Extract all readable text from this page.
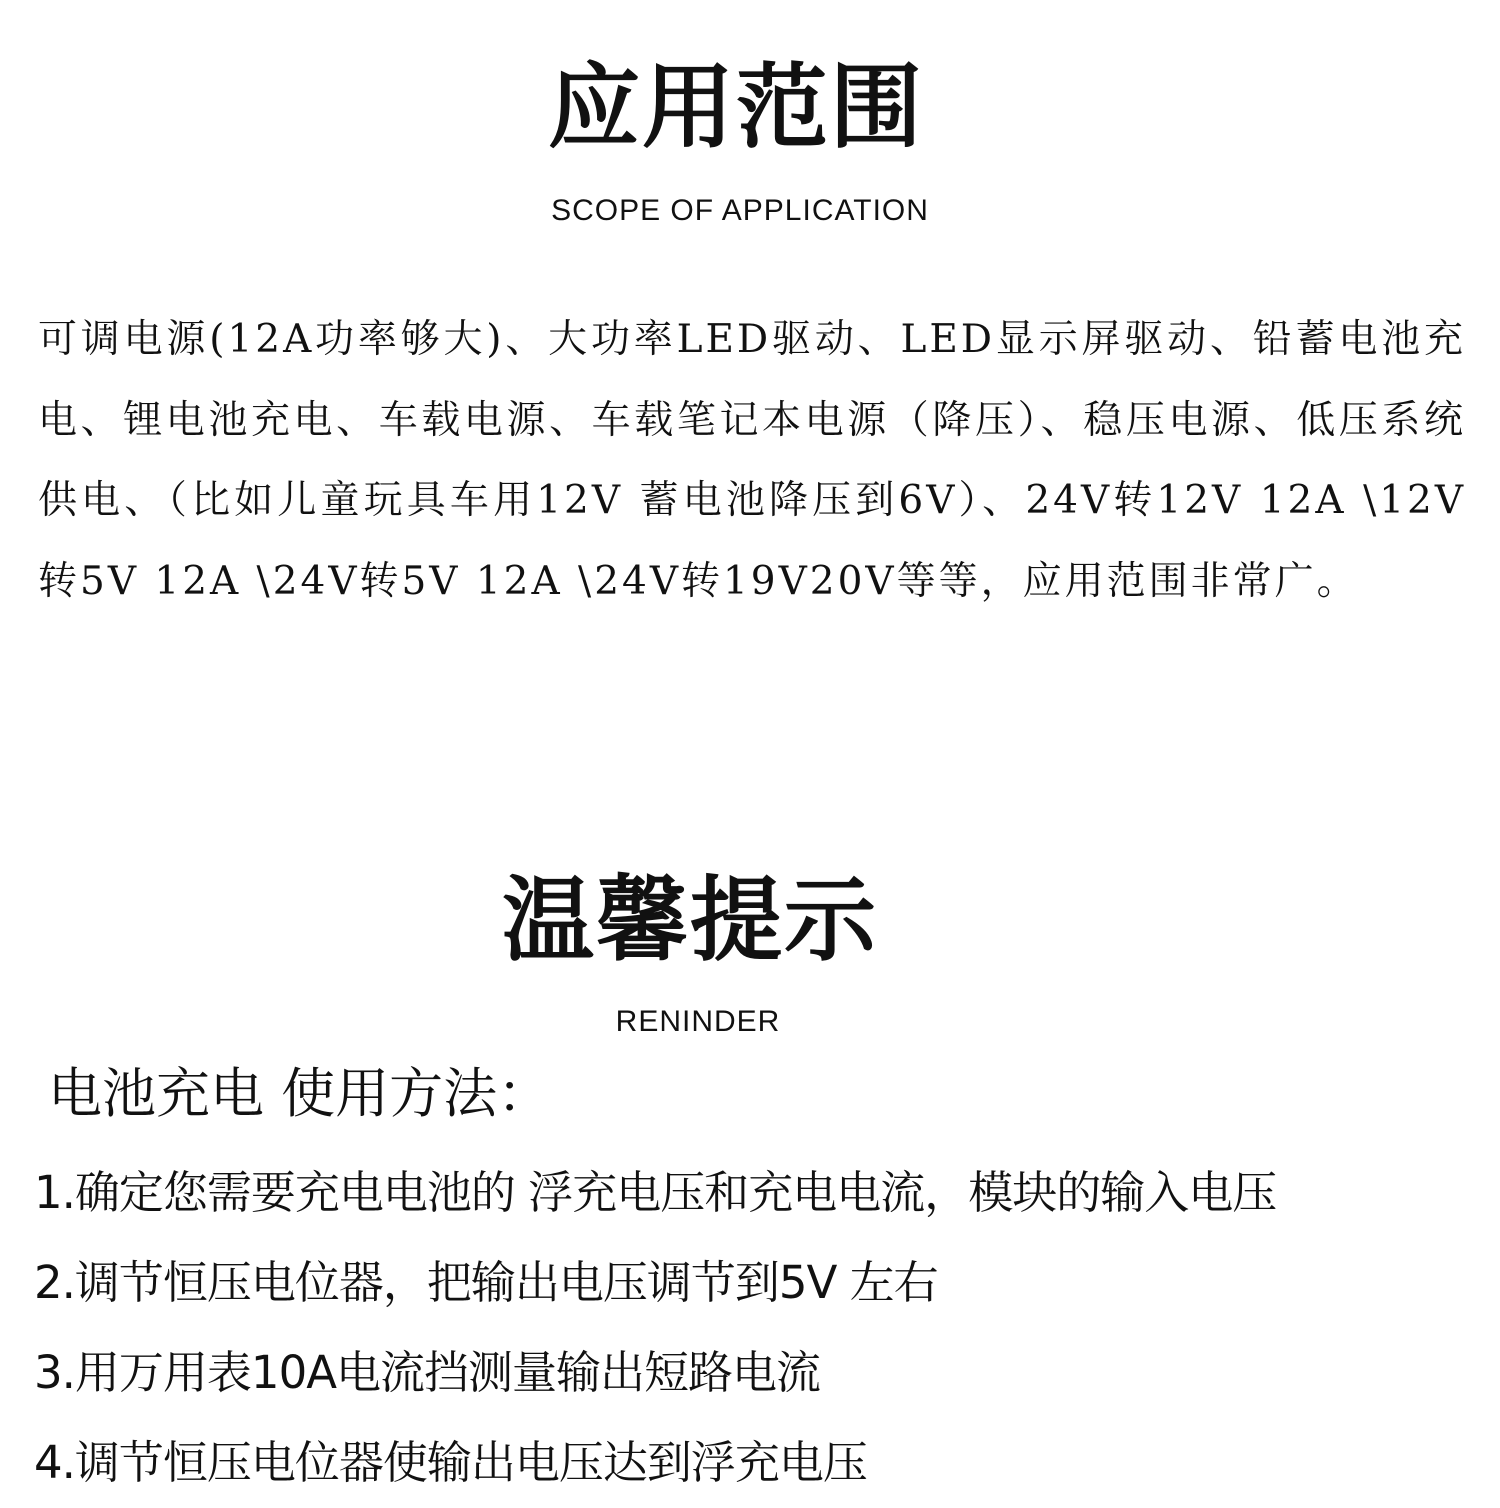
应用范围
SCOPE OF APPLICATION

可调电源(12A功率够大)、大功率LED驱动、LED显示屏驱动、铅蓄电池充电、锂电池充电、车载电源、车载笔记本电源（降压）、稳压电源、低压系统供电、（比如儿童玩具车用12V 蓄电池降压到6V）、24V转12V 12A \12V转5V 12A \24V转5V 12A \24V转19V20V等等，应用范围非常广。

温馨提示
RENINDER

电池充电 使用方法：

1.确定您需要充电电池的 浮充电压和充电电流，模块的输入电压
2.调节恒压电位器，把输出电压调节到5V 左右
3.用万用表10A电流挡测量输出短路电流
4.调节恒压电位器使输出电压达到浮充电压
